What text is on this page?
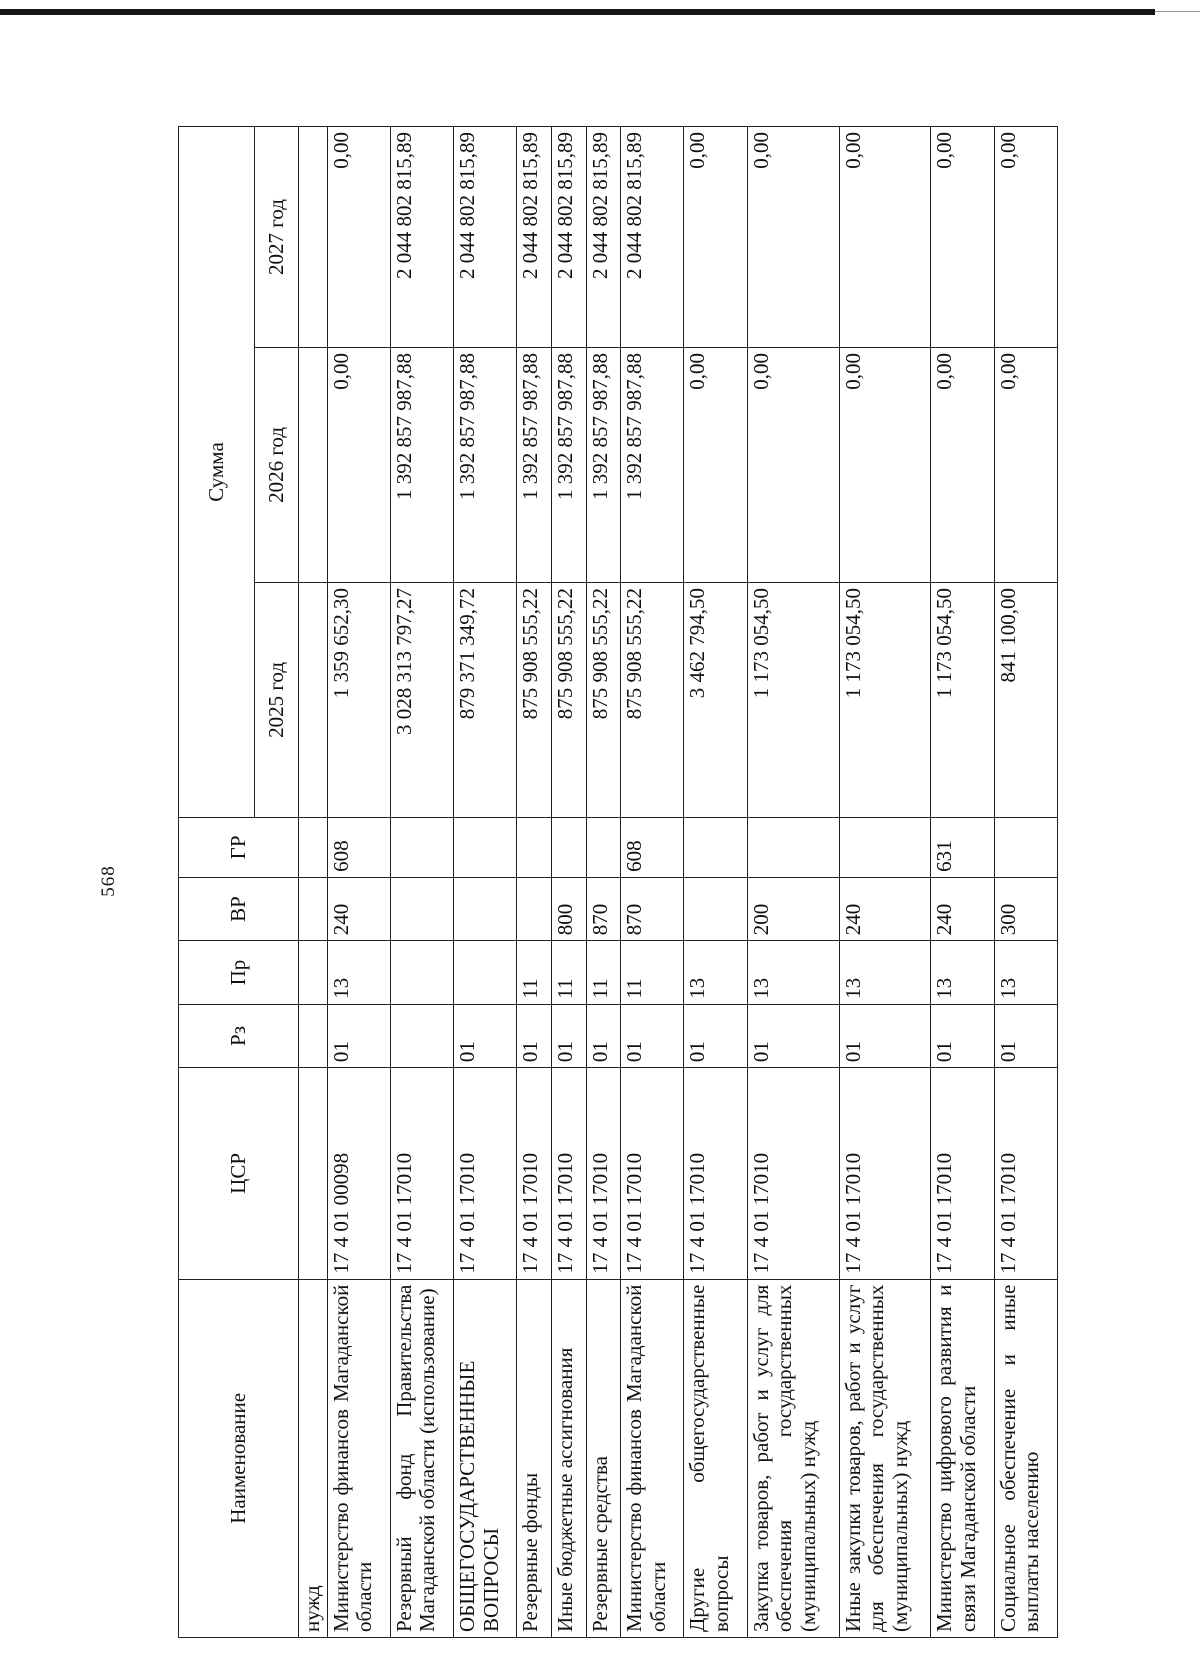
568
Наименование	ЦСР	Рз	Пр	ВР	ГР	Сумма		
						2025 год	2026 год	2027 год
нужд								
Министерство финансов Магаданской области	17 4 01 00098	01	13	240	608	1 359 652,30	0,00	0,00
Резервный фонд Правительства Магаданской области (использование)	17 4 01 17010					3 028 313 797,27	1 392 857 987,88	2 044 802 815,89
ОБЩЕГОСУДАРСТВЕННЫЕ ВОПРОСЫ	17 4 01 17010	01				879 371 349,72	1 392 857 987,88	2 044 802 815,89
Резервные фонды	17 4 01 17010	01	11			875 908 555,22	1 392 857 987,88	2 044 802 815,89
Иные бюджетные ассигнования	17 4 01 17010	01	11	800		875 908 555,22	1 392 857 987,88	2 044 802 815,89
Резервные средства	17 4 01 17010	01	11	870		875 908 555,22	1 392 857 987,88	2 044 802 815,89
Министерство финансов Магаданской области	17 4 01 17010	01	11	870	608	875 908 555,22	1 392 857 987,88	2 044 802 815,89
Другие общегосударственные вопросы	17 4 01 17010	01	13			3 462 794,50	0,00	0,00
Закупка товаров, работ и услуг для обеспечения государственных (муниципальных) нужд	17 4 01 17010	01	13	200		1 173 054,50	0,00	0,00
Иные закупки товаров, работ и услуг для обеспечения государственных (муниципальных) нужд	17 4 01 17010	01	13	240		1 173 054,50	0,00	0,00
Министерство цифрового развития и связи Магаданской области	17 4 01 17010	01	13	240	631	1 173 054,50	0,00	0,00
Социальное обеспечение и иные выплаты населению	17 4 01 17010	01	13	300		841 100,00	0,00	0,00
